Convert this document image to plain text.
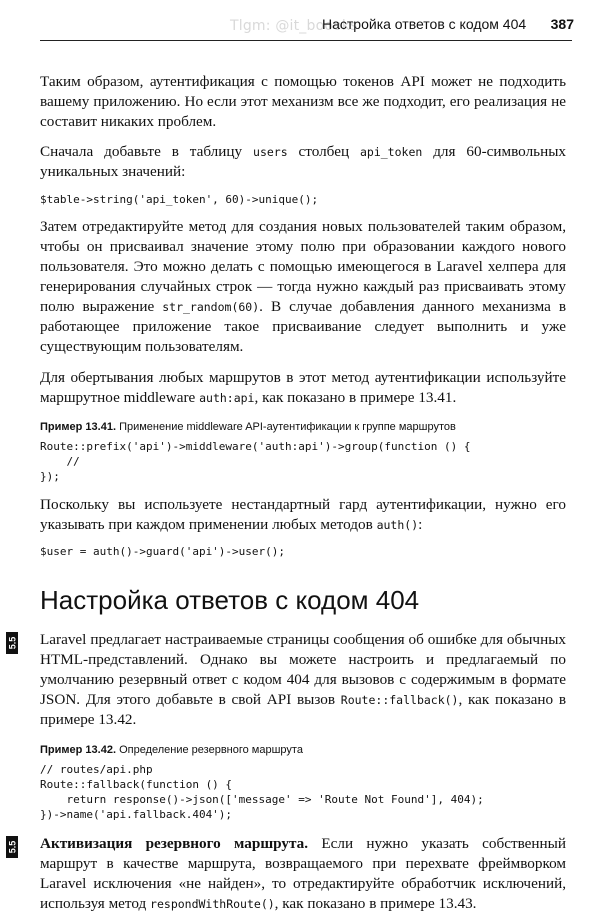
Tlgm: @it_boooks
Настройка ответов с кодом 404 387

Таким образом, аутентификация с помощью токенов API может не подходить вашему приложению. Но если этот механизм все же подходит, его реализация не составит никаких проблем.

Сначала добавьте в таблицу users столбец api_token для 60-символьных уникальных значений:

$table->string('api_token', 60)->unique();

Затем отредактируйте метод для создания новых пользователей таким образом, чтобы он присваивал значение этому полю при образовании каждого нового пользователя. Это можно делать с помощью имеющегося в Laravel хелпера для генерирования случайных строк — тогда нужно каждый раз присваивать этому полю выражение str_random(60). В случае добавления данного механизма в работающее приложение такое присваивание следует выполнить и уже существующим пользователям.

Для обертывания любых маршрутов в этот метод аутентификации используйте маршрутное middleware auth:api, как показано в примере 13.41.

Пример 13.41. Применение middleware API-аутентификации к группе маршрутов

Route::prefix('api')->middleware('auth:api')->group(function () {
//
});

Поскольку вы используете нестандартный гард аутентификации, нужно его указывать при каждом применении любых методов auth():

$user = auth()->guard('api')->user();
Настройка ответов с кодом 404
5.5 Laravel предлагает настраиваемые страницы сообщения об ошибке для обычных HTML-представлений. Однако вы можете настроить и предлагаемый по умолчанию резервный ответ с кодом 404 для вызовов с содержимым в формате JSON. Для этого добавьте в свой API вызов Route::fallback(), как показано в примере 13.42.

Пример 13.42. Определение резервного маршрута

// routes/api.php
Route::fallback(function () {
return response()->json(['message' => 'Route Not Found'], 404);
})->name('api.fallback.404');
5.5 Активизация резервного маршрута. Если нужно указать собственный маршрут в качестве маршрута, возвращаемого при перехвате фреймворком Laravel исключения «не найден», то отредактируйте обработчик исключений, используя метод respondWithRoute(), как показано в примере 13.43.
